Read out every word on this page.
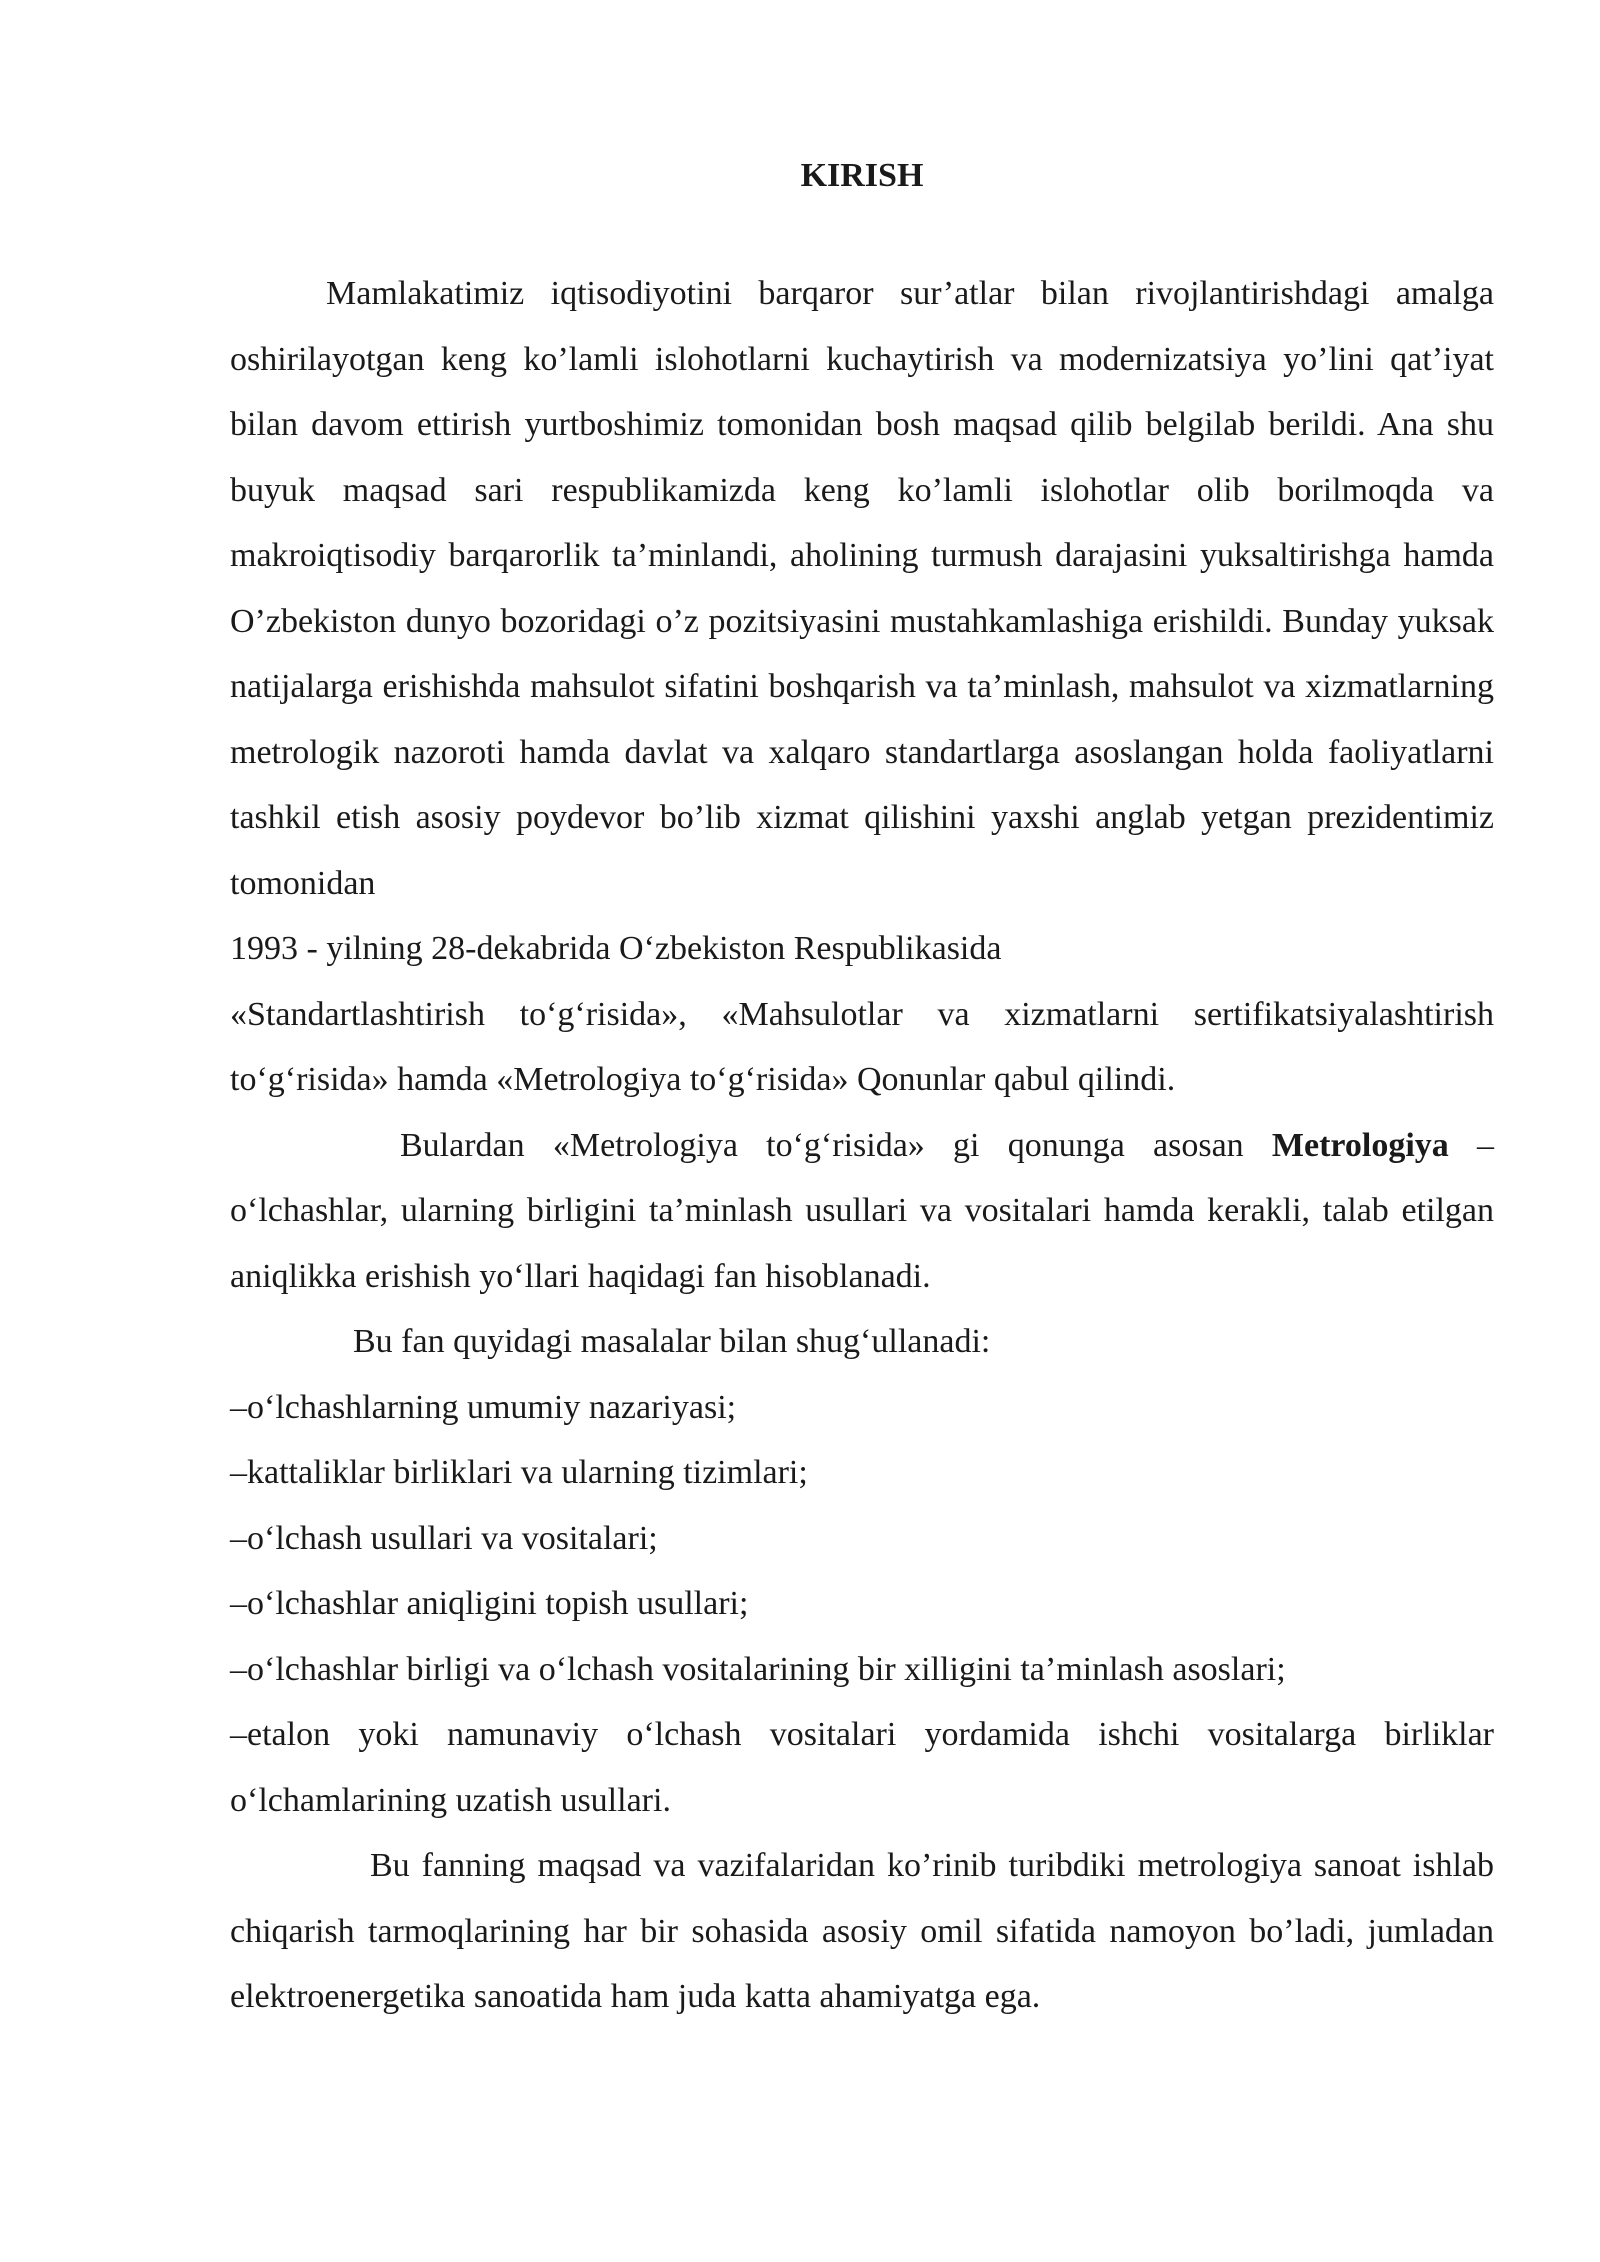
KIRISH

Mamlakatimiz iqtisodiyotini barqaror sur’atlar bilan rivojlantirishdagi amalga oshirilayotgan keng ko’lamli islohotlarni kuchaytirish va modernizatsiya yo’lini qat’iyat bilan davom ettirish yurtboshimiz tomonidan bosh maqsad qilib belgilab berildi. Ana shu buyuk maqsad sari respublikamizda keng ko’lamli islohotlar olib borilmoqda va makroiqtisodiy barqarorlik ta’minlandi, aholining turmush darajasini yuksaltirishga hamda O’zbekiston dunyo bozoridagi o’z pozitsiyasini mustahkamlashiga erishildi. Bunday yuksak natijalarga erishishda mahsulot sifatini boshqarish va ta’minlash, mahsulot va xizmatlarning metrologik nazoroti hamda davlat va xalqaro standartlarga asoslangan holda faoliyatlarni tashkil etish asosiy poydevor bo’lib xizmat qilishini yaxshi anglab yetgan prezidentimiz tomonidan

1993 - yilning 28-dekabrida O‘zbekiston Respublikasida

«Standartlashtirish to‘g‘risida», «Mahsulotlar va xizmatlarni sertifikatsiyalashtirish to‘g‘risida» hamda «Metrologiya to‘g‘risida» Qonunlar qabul qilindi.

Bulardan «Metrologiya to‘g‘risida» gi qonunga asosan Metrologiya – o‘lchashlar, ularning birligini ta’minlash usullari va vositalari hamda kerakli, talab etilgan aniqlikka erishish yo‘llari haqidagi fan hisoblanadi.

Bu fan quyidagi masalalar bilan shug‘ullanadi:

–o‘lchashlarning umumiy nazariyasi;

–kattaliklar birliklari va ularning tizimlari;

–o‘lchash usullari va vositalari;

–o‘lchashlar aniqligini topish usullari;

–o‘lchashlar birligi va o‘lchash vositalarining bir xilligini ta’minlash asoslari;

–etalon yoki namunaviy o‘lchash vositalari yordamida ishchi vositalarga birliklar o‘lchamlarining uzatish usullari.

Bu fanning maqsad va vazifalaridan ko’rinib turibdiki metrologiya sanoat ishlab chiqarish tarmoqlarining har bir sohasida asosiy omil sifatida namoyon bo’ladi, jumladan elektroenergetika sanoatida ham juda katta ahamiyatga ega.
